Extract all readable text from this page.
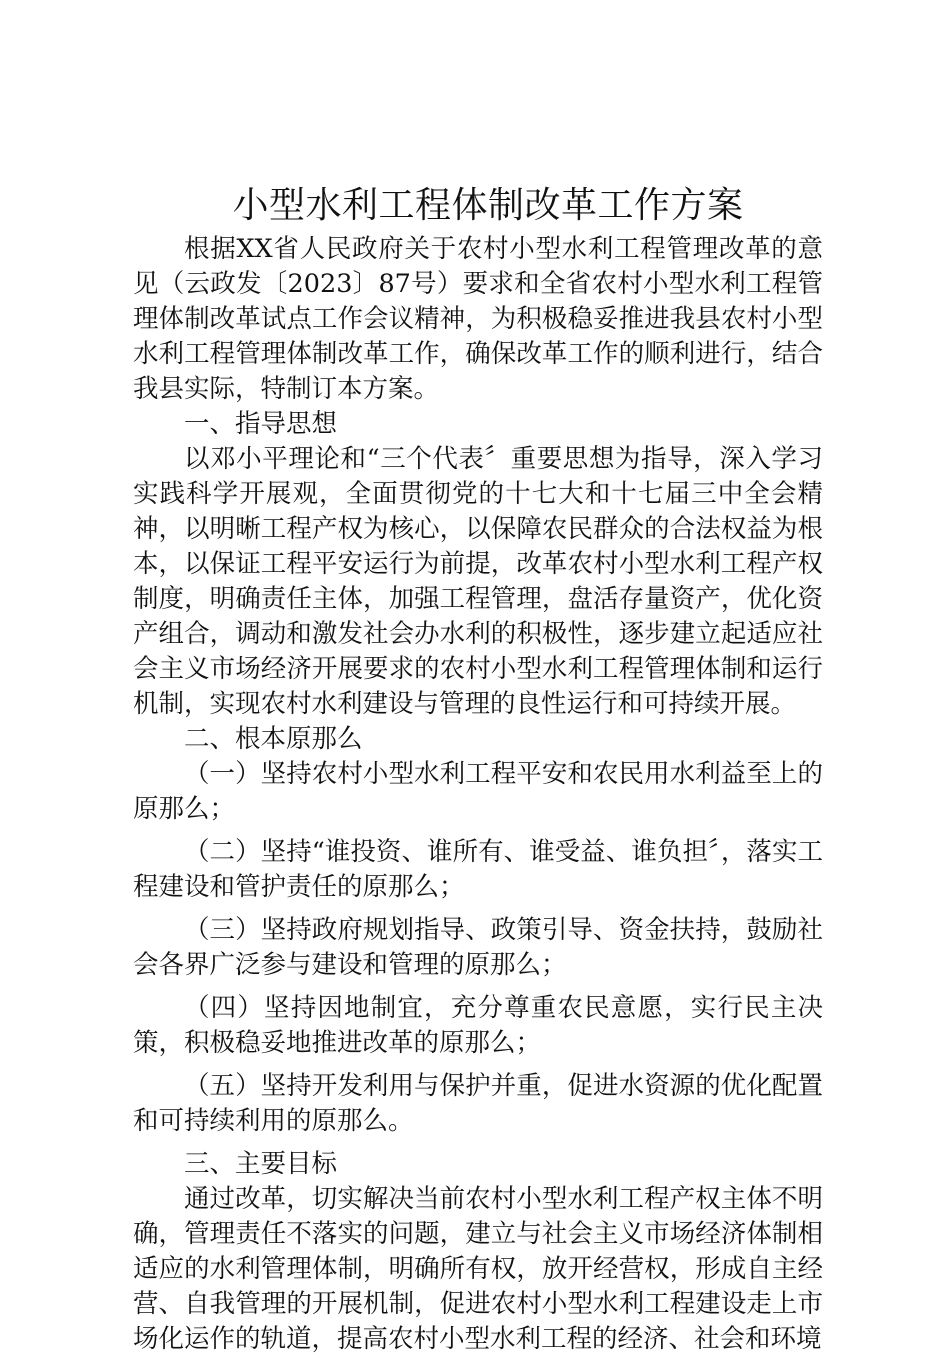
小型水利工程体制改革工作方案

根据XX省人民政府关于农村小型水利工程管理改革的意见（云政发〔2023〕87号）要求和全省农村小型水利工程管理体制改革试点工作会议精神，为积极稳妥推进我县农村小型水利工程管理体制改革工作，确保改革工作的顺利进行，结合我县实际，特制订本方案。

一、指导思想

以邓小平理论和“三个代表〞重要思想为指导，深入学习实践科学开展观，全面贯彻党的十七大和十七届三中全会精神，以明晰工程产权为核心，以保障农民群众的合法权益为根本，以保证工程平安运行为前提，改革农村小型水利工程产权制度，明确责任主体，加强工程管理，盘活存量资产，优化资产组合，调动和激发社会办水利的积极性，逐步建立起适应社会主义市场经济开展要求的农村小型水利工程管理体制和运行机制，实现农村水利建设与管理的良性运行和可持续开展。

二、根本原那么

（一）坚持农村小型水利工程平安和农民用水利益至上的原那么；

（二）坚持“谁投资、谁所有、谁受益、谁负担〞，落实工程建设和管护责任的原那么；

（三）坚持政府规划指导、政策引导、资金扶持，鼓励社会各界广泛参与建设和管理的原那么；

（四）坚持因地制宜，充分尊重农民意愿，实行民主决策，积极稳妥地推进改革的原那么；

（五）坚持开发利用与保护并重，促进水资源的优化配置和可持续利用的原那么。

三、主要目标

通过改革，切实解决当前农村小型水利工程产权主体不明确，管理责任不落实的问题，建立与社会主义市场经济体制相适应的水利管理体制，明确所有权，放开经营权，形成自主经营、自我管理的开展机制，促进农村小型水利工程建设走上市场化运作的轨道，提高农村小型水利工程的经济、社会和环境
